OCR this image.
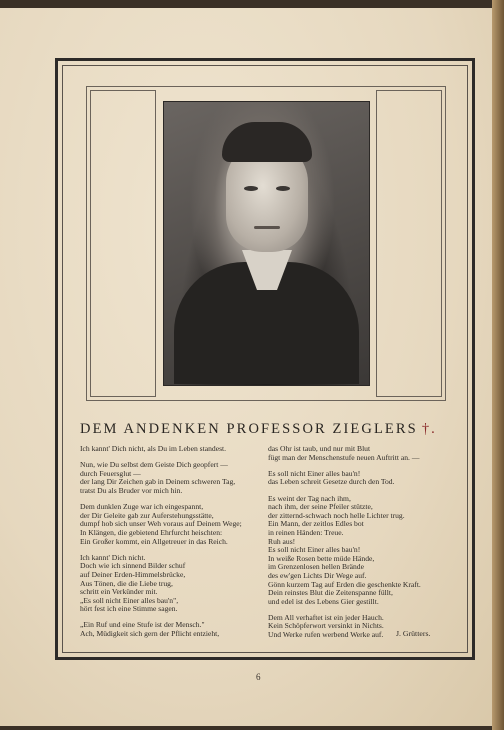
DEM ANDENKEN PROFESSOR ZIEGLERS †.

Ich kannt' Dich nicht, als Du im Leben standest.

Nun, wie Du selbst dem Geiste Dich geopfert —
durch Feuersglut —
der lang Dir Zeichen gab in Deinem schweren Tag,
tratst Du als Bruder vor mich hin.

Dem dunklen Zuge war ich eingespannt,
der Dir Geleite gab zur Auferstehungsstätte,
dumpf hob sich unser Weh voraus auf Deinem Wege;
In Klängen, die gebietend Ehrfurcht heischten:
Ein Großer kommt, ein Allgetreuer in das Reich.

Ich kannt' Dich nicht.
Doch wie ich sinnend Bilder schuf
auf Deiner Erden-Himmelsbrücke,
Aus Tönen, die die Liebe trug,
schritt ein Verkünder mit.
„Es soll nicht Einer alles bau'n",
hört fest ich eine Stimme sagen.

„Ein Ruf und eine Stufe ist der Mensch."
Ach, Müdigkeit sich gern der Pflicht entzieht,

das Ohr ist taub, und nur mit Blut
fügt man der Menschenstufe neuen Auftritt an. —

Es soll nicht Einer alles bau'n!
das Leben schreit Gesetze durch den Tod.

Es weint der Tag nach ihm,
nach ihm, der seine Pfeiler stützte,
der zitternd-schwach noch helle Lichter trug.
Ein Mann, der zeitlos Edles bot
in reinen Händen: Treue.
Ruh aus!
Es soll nicht Einer alles bau'n!
In weiße Rosen bette müde Hände,
im Grenzenlosen hellen Brände
des ew'gen Lichts Dir Wege auf.
Gönn kurzem Tag auf Erden die geschenkte Kraft.
Dein reinstes Blut die Zeitenspanne füllt,
und edel ist des Lebens Gier gestillt.

Dem All verhaftet ist ein jeder Hauch.
Kein Schöpferwort versinkt in Nichts.
Und Werke rufen werbend Werke auf.	J. Grütters.
6
